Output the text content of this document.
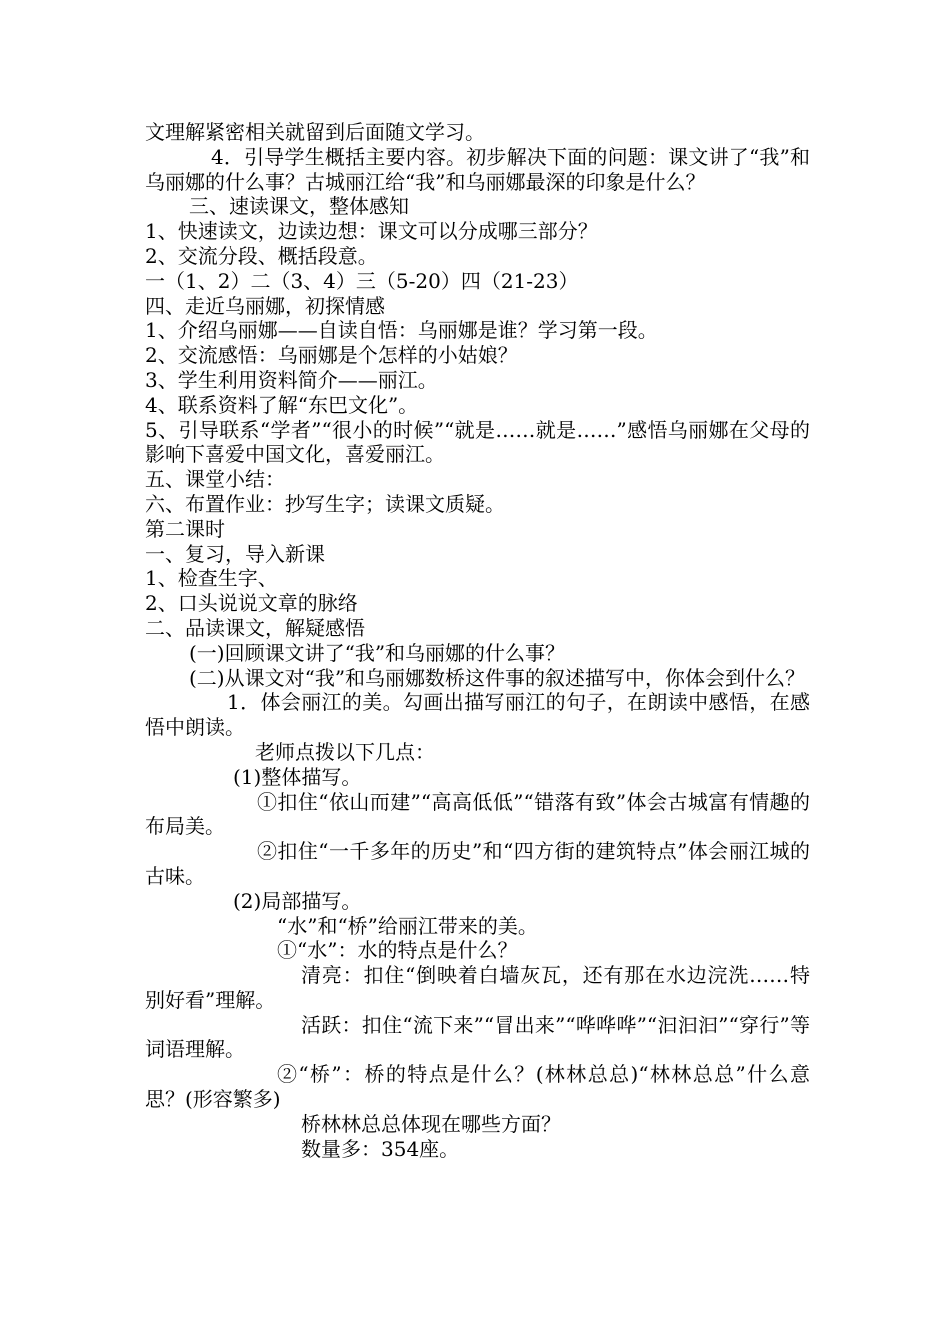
文理解紧密相关就留到后面随文学习。

4．引导学生概括主要内容。初步解决下面的问题：课文讲了“我”和乌丽娜的什么事？古城丽江给“我”和乌丽娜最深的印象是什么？

三、速读课文，整体感知

1、快速读文，边读边想：课文可以分成哪三部分？

2、交流分段、概括段意。

一（1、2）二（3、4）三（5-20）四（21-23）

四、走近乌丽娜，初探情感

1、介绍乌丽娜——自读自悟：乌丽娜是谁？学习第一段。

2、交流感悟：乌丽娜是个怎样的小姑娘？

3、学生利用资料简介——丽江。

4、联系资料了解“东巴文化”。

5、引导联系“学者”“很小的时候”“就是……就是……”感悟乌丽娜在父母的影响下喜爱中国文化，喜爱丽江。

五、课堂小结：

六、布置作业：抄写生字；读课文质疑。

第二课时

一、复习，导入新课

1、检查生字、

2、口头说说文章的脉络

二、品读课文，解疑感悟

(一)回顾课文讲了“我”和乌丽娜的什么事？

(二)从课文对“我”和乌丽娜数桥这件事的叙述描写中，你体会到什么？

1．体会丽江的美。勾画出描写丽江的句子，在朗读中感悟，在感悟中朗读。

老师点拨以下几点：

(1)整体描写。

①扣住“依山而建”“高高低低”“错落有致”体会古城富有情趣的布局美。

②扣住“一千多年的历史”和“四方街的建筑特点”体会丽江城的古味。

(2)局部描写。

“水”和“桥”给丽江带来的美。

①“水”：水的特点是什么？

清亮：扣住“倒映着白墙灰瓦，还有那在水边浣洗……特别好看”理解。

活跃：扣住“流下来”“冒出来”“哗哗哗”“汩汩汩”“穿行”等词语理解。

②“桥”：桥的特点是什么？(林林总总)“林林总总”什么意思？(形容繁多)

桥林林总总体现在哪些方面？

数量多：354座。
